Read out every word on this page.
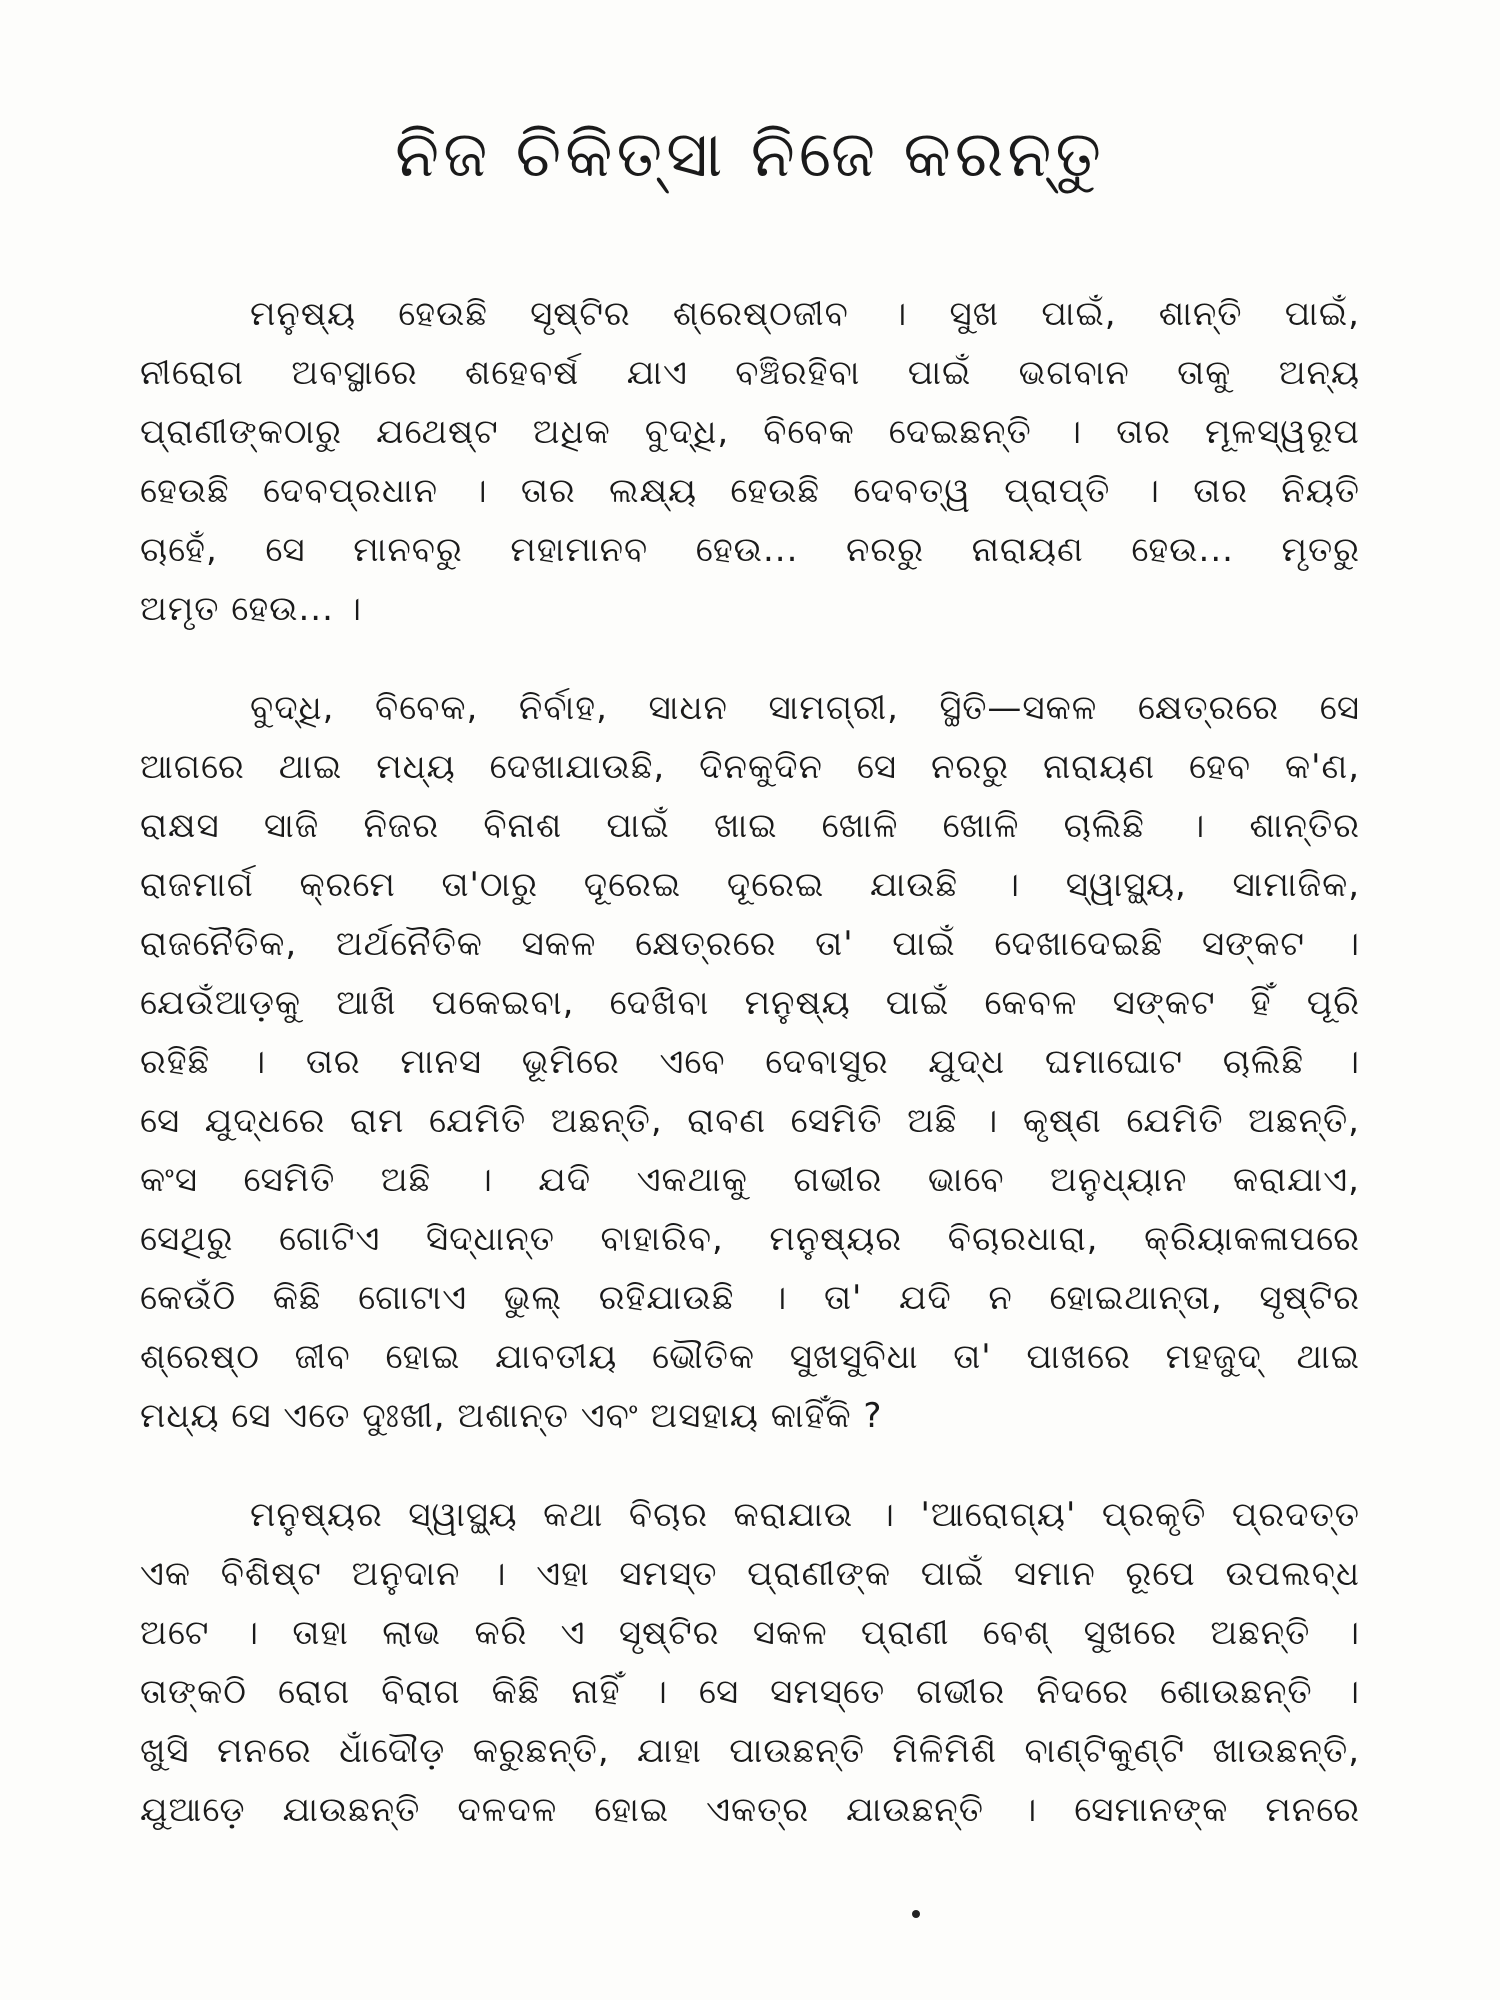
ନିଜ ଚିକିତ୍ସା ନିଜେ କରନ୍ତୁ
ମନୁଷ୍ୟ ହେଉଛି ସୃଷ୍ଟିର ଶ୍ରେଷ୍ଠଜୀବ । ସୁଖ ପାଇଁ, ଶାନ୍ତି ପାଇଁ,
ନୀରୋଗ ଅବସ୍ଥାରେ ଶହେବର୍ଷ ଯାଏ ବଞ୍ଚିରହିବା ପାଇଁ ଭଗବାନ ତାକୁ ଅନ୍ୟ
ପ୍ରାଣୀଙ୍କଠାରୁ ଯଥେଷ୍ଟ ଅଧିକ ବୁଦ୍ଧି, ବିବେକ ଦେଇଛନ୍ତି । ତାର ମୂଳସ୍ୱରୂପ
ହେଉଛି ଦେବପ୍ରଧାନ । ତାର ଲକ୍ଷ୍ୟ ହେଉଛି ଦେବତ୍ୱ ପ୍ରାପ୍ତି । ତାର ନିୟତି
ଚାହେଁ, ସେ ମାନବରୁ ମହାମାନବ ହେଉ... ନରରୁ ନାରାୟଣ ହେଉ... ମୃତରୁ
ଅମୃତ ହେଉ... ।
ବୁଦ୍ଧି, ବିବେକ, ନିର୍ବାହ, ସାଧନ ସାମଗ୍ରୀ, ସ୍ଥିତି—ସକଳ କ୍ଷେତ୍ରରେ ସେ
ଆଗରେ ଥାଇ ମଧ୍ୟ ଦେଖାଯାଉଛି, ଦିନକୁଦିନ ସେ ନରରୁ ନାରାୟଣ ହେବ କ'ଣ,
ରାକ୍ଷସ ସାଜି ନିଜର ବିନାଶ ପାଇଁ ଖାଇ ଖୋଳି ଖୋଳି ଚାଲିଛି । ଶାନ୍ତିର
ରାଜମାର୍ଗ କ୍ରମେ ତା'ଠାରୁ ଦୂରେଇ ଦୂରେଇ ଯାଉଛି । ସ୍ୱାସ୍ଥ୍ୟ, ସାମାଜିକ,
ରାଜନୈତିକ, ଅର୍ଥନୈତିକ ସକଳ କ୍ଷେତ୍ରରେ ତା' ପାଇଁ ଦେଖାଦେଇଛି ସଙ୍କଟ ।
ଯେଉଁଆଡ଼କୁ ଆଖି ପକେଇବା, ଦେଖିବା ମନୁଷ୍ୟ ପାଇଁ କେବଳ ସଙ୍କଟ ହିଁ ପୂରି
ରହିଛି । ତାର ମାନସ ଭୂମିରେ ଏବେ ଦେବାସୁର ଯୁଦ୍ଧ ଘମାଘୋଟ ଚାଲିଛି ।
ସେ ଯୁଦ୍ଧରେ ରାମ ଯେମିତି ଅଛନ୍ତି, ରାବଣ ସେମିତି ଅଛି । କୃଷ୍ଣ ଯେମିତି ଅଛନ୍ତି,
କଂସ ସେମିତି ଅଛି । ଯଦି ଏକଥାକୁ ଗଭୀର ଭାବେ ଅନୁଧ୍ୟାନ କରାଯାଏ,
ସେଥିରୁ ଗୋଟିଏ ସିଦ୍ଧାନ୍ତ ବାହାରିବ, ମନୁଷ୍ୟର ବିଚାରଧାରା, କ୍ରିୟାକଳାପରେ
କେଉଁଠି କିଛି ଗୋଟାଏ ଭୁଲ୍ ରହିଯାଉଛି । ତା' ଯଦି ନ ହୋଇଥାନ୍ତା, ସୃଷ୍ଟିର
ଶ୍ରେଷ୍ଠ ଜୀବ ହୋଇ ଯାବତୀୟ ଭୌତିକ ସୁଖସୁବିଧା ତା' ପାଖରେ ମହଜୁଦ୍ ଥାଇ
ମଧ୍ୟ ସେ ଏତେ ଦୁଃଖୀ, ଅଶାନ୍ତ ଏବଂ ଅସହାୟ କାହିଁକି ?
ମନୁଷ୍ୟର ସ୍ୱାସ୍ଥ୍ୟ କଥା ବିଚାର କରାଯାଉ । 'ଆରୋଗ୍ୟ' ପ୍ରକୃତି ପ୍ରଦତ୍ତ
ଏକ ବିଶିଷ୍ଟ ଅନୁଦାନ । ଏହା ସମସ୍ତ ପ୍ରାଣୀଙ୍କ ପାଇଁ ସମାନ ରୂପେ ଉପଲବ୍ଧ
ଅଟେ । ତାହା ଲାଭ କରି ଏ ସୃଷ୍ଟିର ସକଳ ପ୍ରାଣୀ ବେଶ୍ ସୁଖରେ ଅଛନ୍ତି ।
ତାଙ୍କଠି ରୋଗ ବିରାଗ କିଛି ନାହିଁ । ସେ ସମସ୍ତେ ଗଭୀର ନିଦରେ ଶୋଉଛନ୍ତି ।
ଖୁସି ମନରେ ଧାଁଦୌଡ଼ କରୁଛନ୍ତି, ଯାହା ପାଉଛନ୍ତି ମିଳିମିଶି ବାଣ୍ଟିକୁଣ୍ଟି ଖାଉଛନ୍ତି,
ଯୁଆଡ଼େ ଯାଉଛନ୍ତି ଦଳଦଳ ହୋଇ ଏକତ୍ର ଯାଉଛନ୍ତି । ସେମାନଙ୍କ ମନରେ
